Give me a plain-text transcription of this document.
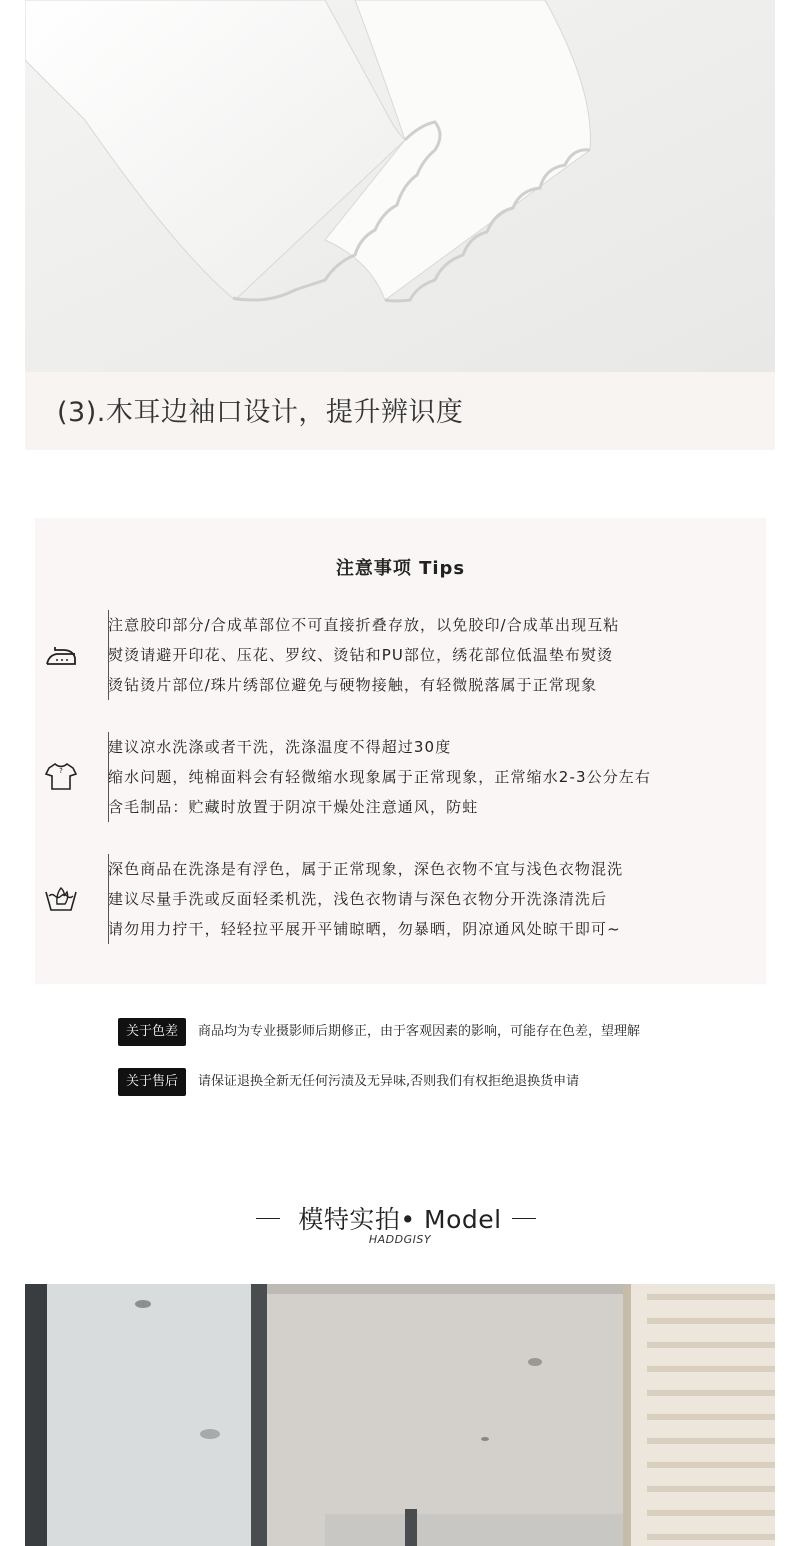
(3).木耳边袖口设计，提升辨识度
注意事项 Tips
注意胶印部分/合成革部位不可直接折叠存放，以免胶印/合成革出现互粘
熨烫请避开印花、压花、罗纹、烫钻和PU部位，绣花部位低温垫布熨烫
烫钻烫片部位/珠片绣部位避免与硬物接触，有轻微脱落属于正常现象
?
建议凉水洗涤或者干洗，洗涤温度不得超过30度
缩水问题，纯棉面料会有轻微缩水现象属于正常现象，正常缩水2-3公分左右
含毛制品：贮藏时放置于阴凉干燥处注意通风，防蛀
深色商品在洗涤是有浮色，属于正常现象，深色衣物不宜与浅色衣物混洗
建议尽量手洗或反面轻柔机洗，浅色衣物请与深色衣物分开洗涤清洗后
请勿用力拧干，轻轻拉平展开平铺晾晒，勿暴晒，阴凉通风处晾干即可~
关于色差	商品均为专业摄影师后期修正，由于客观因素的影响，可能存在色差，望理解
关于售后	请保证退换全新无任何污渍及无异味,否则我们有权拒绝退换货申请
模特实拍• Model
HADDGISY
